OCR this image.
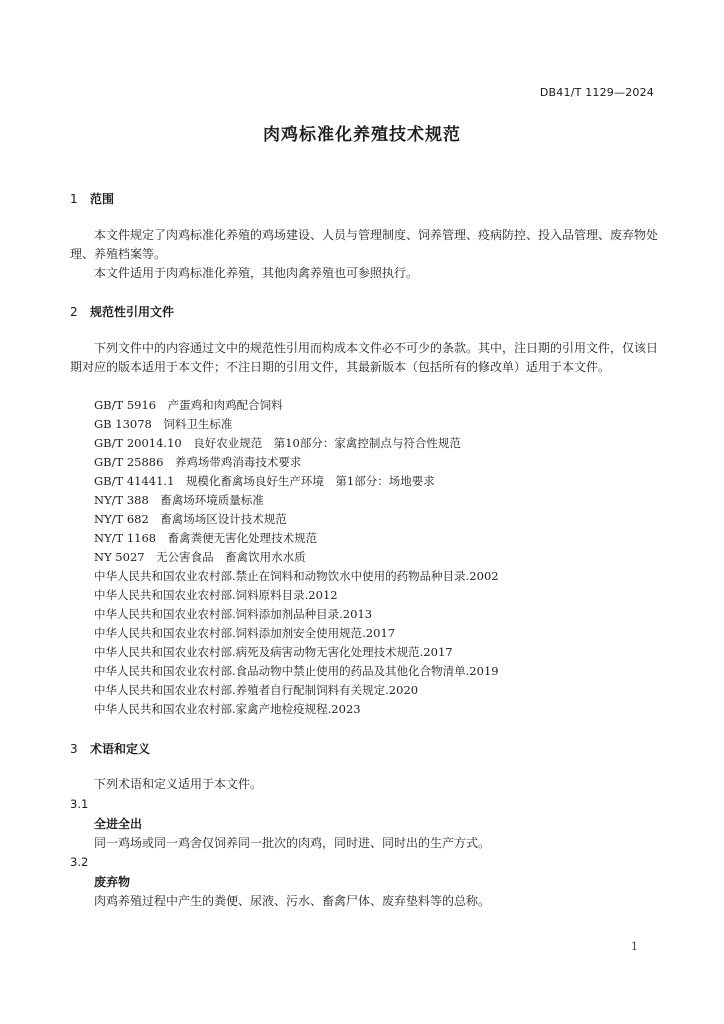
DB41/T 1129—2024
肉鸡标准化养殖技术规范
1 范围
本文件规定了肉鸡标准化养殖的鸡场建设、人员与管理制度、饲养管理、疫病防控、投入品管理、废弃物处理、养殖档案等。
本文件适用于肉鸡标准化养殖，其他肉禽养殖也可参照执行。
2 规范性引用文件
下列文件中的内容通过文中的规范性引用而构成本文件必不可少的条款。其中，注日期的引用文件，仅该日期对应的版本适用于本文件；不注日期的引用文件，其最新版本（包括所有的修改单）适用于本文件。
GB/T 5916　产蛋鸡和肉鸡配合饲料
GB 13078　饲料卫生标准
GB/T 20014.10　良好农业规范　第10部分：家禽控制点与符合性规范
GB/T 25886　养鸡场带鸡消毒技术要求
GB/T 41441.1　规模化畜禽场良好生产环境　第1部分：场地要求
NY/T 388　畜禽场环境质量标准
NY/T 682　畜禽场场区设计技术规范
NY/T 1168　畜禽粪便无害化处理技术规范
NY 5027　无公害食品　畜禽饮用水水质
中华人民共和国农业农村部.禁止在饲料和动物饮水中使用的药物品种目录.2002
中华人民共和国农业农村部.饲料原料目录.2012
中华人民共和国农业农村部.饲料添加剂品种目录.2013
中华人民共和国农业农村部.饲料添加剂安全使用规范.2017
中华人民共和国农业农村部.病死及病害动物无害化处理技术规范.2017
中华人民共和国农业农村部.食品动物中禁止使用的药品及其他化合物清单.2019
中华人民共和国农业农村部.养殖者自行配制饲料有关规定.2020
中华人民共和国农业农村部.家禽产地检疫规程.2023
3 术语和定义
下列术语和定义适用于本文件。
3.1
全进全出
同一鸡场或同一鸡舍仅饲养同一批次的肉鸡，同时进、同时出的生产方式。
3.2
废弃物
肉鸡养殖过程中产生的粪便、尿液、污水、畜禽尸体、废弃垫料等的总称。
1
